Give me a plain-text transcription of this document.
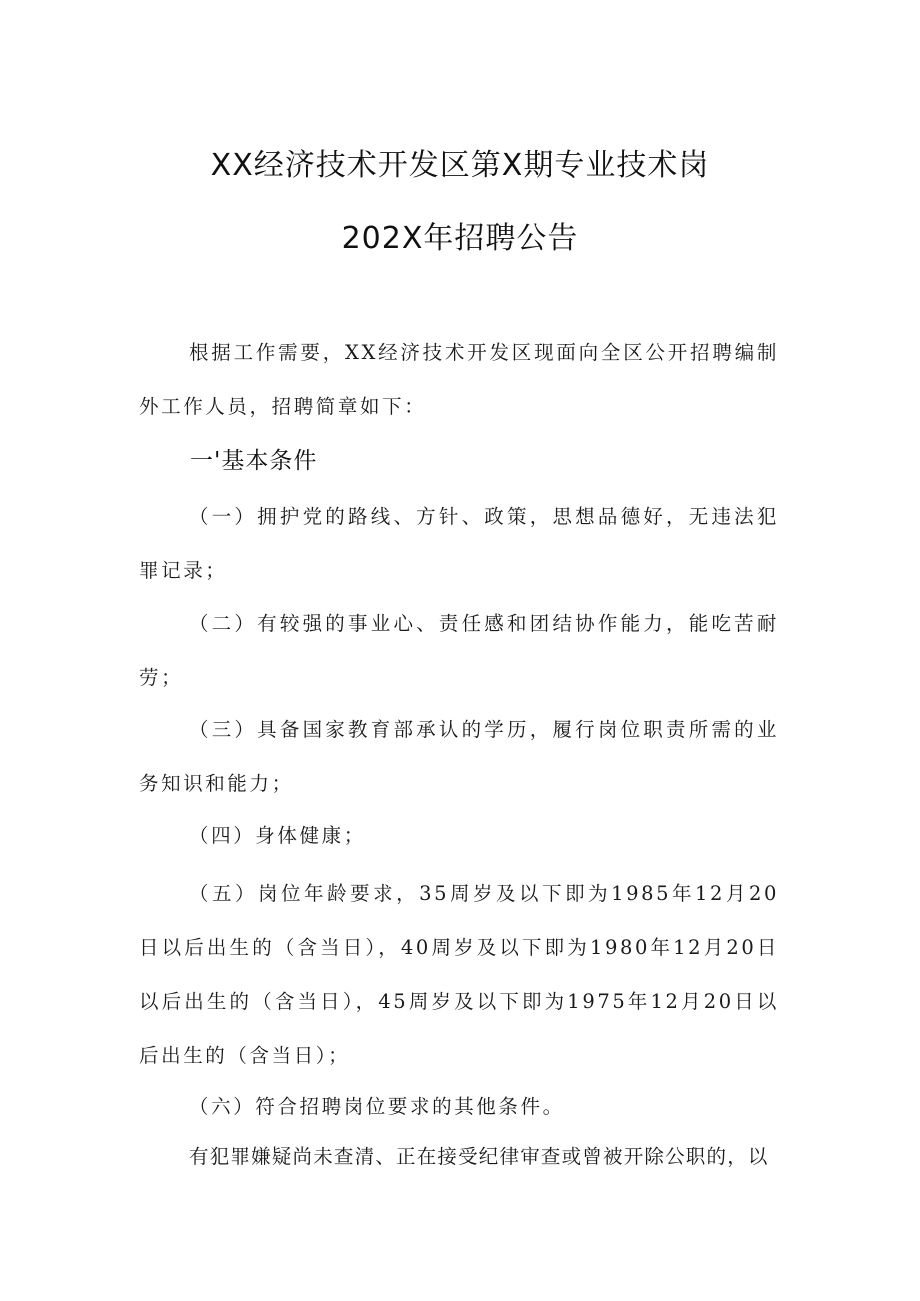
XX经济技术开发区第X期专业技术岗
202X年招聘公告
根据工作需要，XX经济技术开发区现面向全区公开招聘编制外工作人员，招聘简章如下：
一'基本条件
（一）拥护党的路线、方针、政策，思想品德好，无违法犯罪记录；
（二）有较强的事业心、责任感和团结协作能力，能吃苦耐劳；
（三）具备国家教育部承认的学历，履行岗位职责所需的业务知识和能力；
（四）身体健康；
（五）岗位年龄要求，35周岁及以下即为1985年12月20日以后出生的（含当日），40周岁及以下即为1980年12月20日以后出生的（含当日），45周岁及以下即为1975年12月20日以后出生的（含当日）；
（六）符合招聘岗位要求的其他条件。
有犯罪嫌疑尚未查清、正在接受纪律审查或曾被开除公职的，以
